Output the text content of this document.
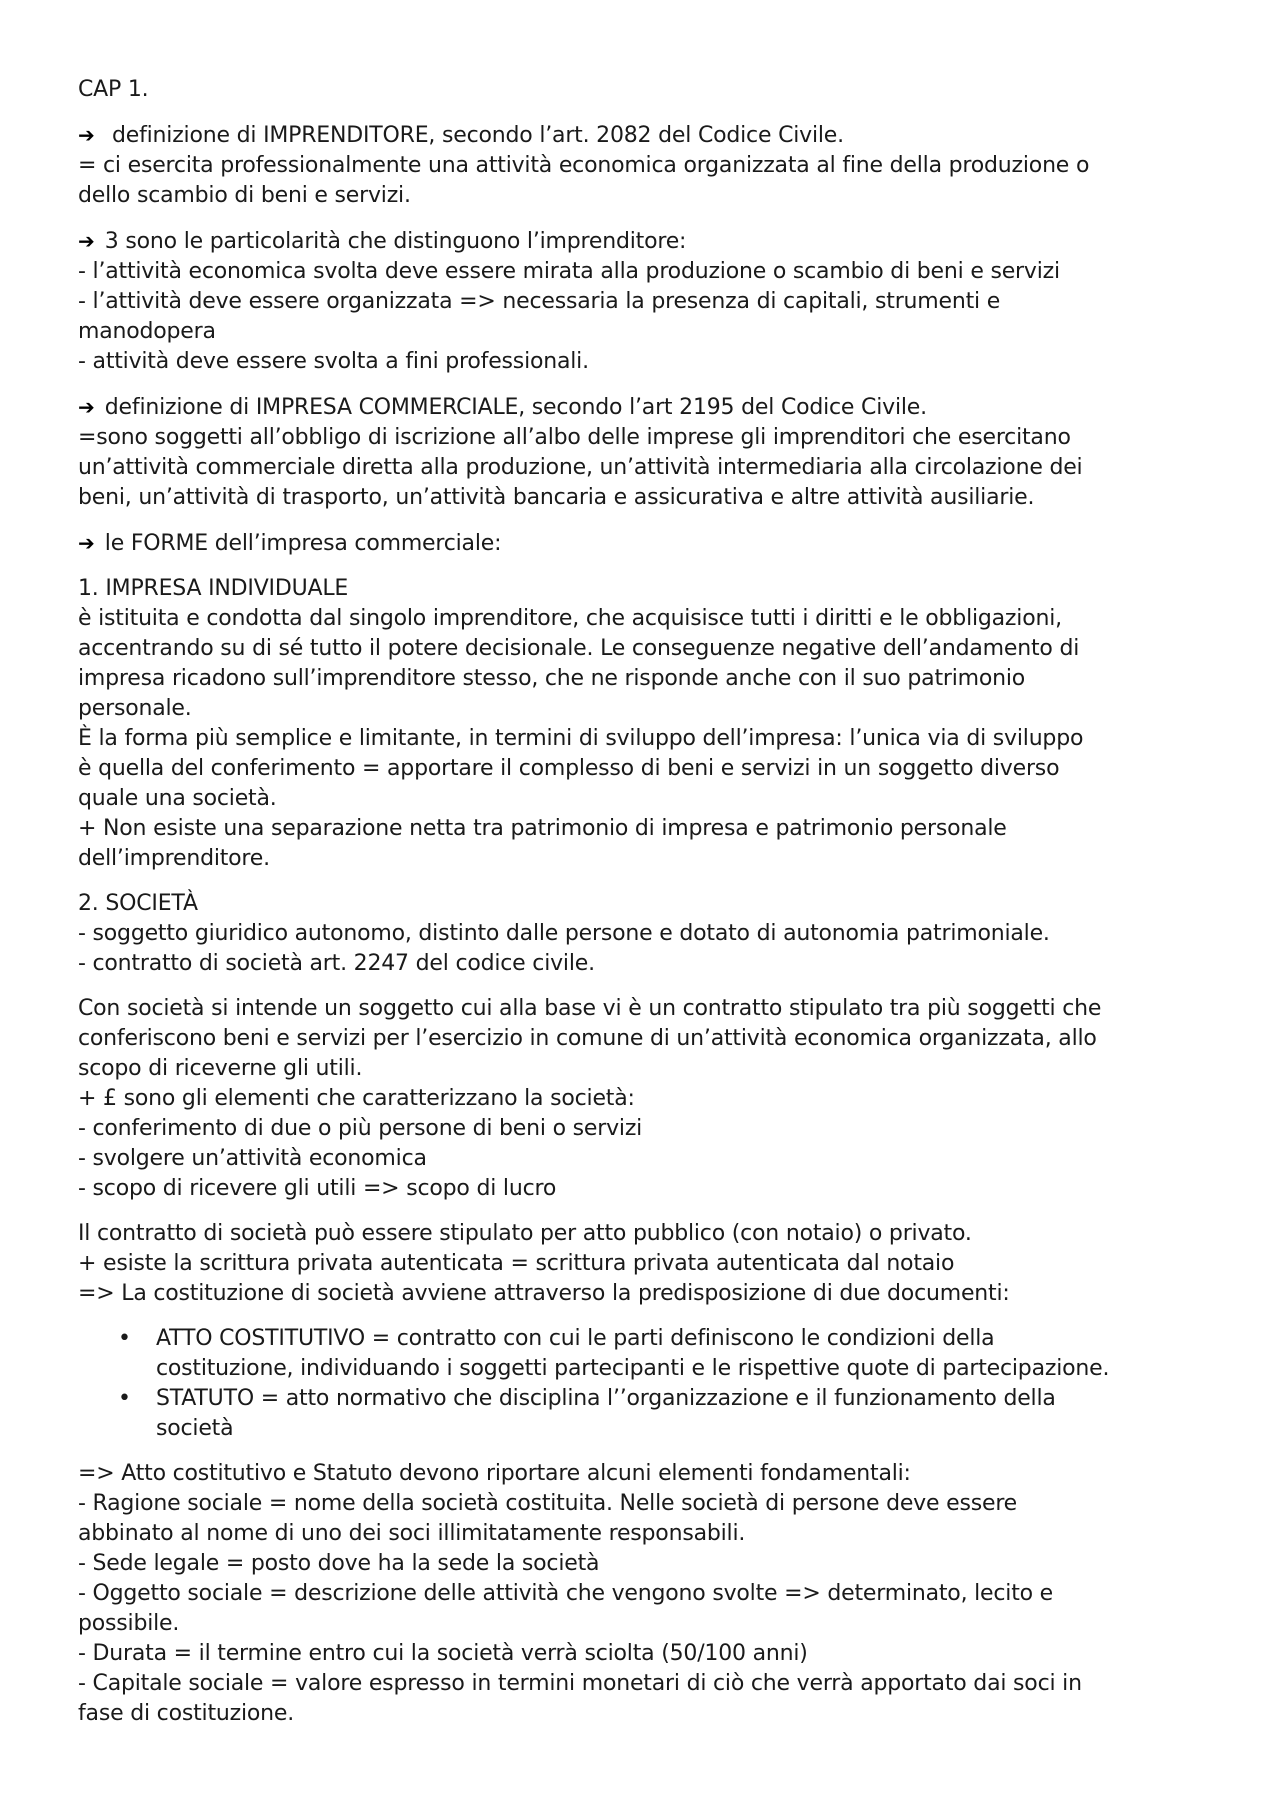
CAP 1.
➔ definizione di IMPRENDITORE, secondo l’art. 2082 del Codice Civile.
= ci esercita professionalmente una attività economica organizzata al fine della produzione o
dello scambio di beni e servizi.
➔ 3 sono le particolarità che distinguono l’imprenditore:
- l’attività economica svolta deve essere mirata alla produzione o scambio di beni e servizi
- l’attività deve essere organizzata => necessaria la presenza di capitali, strumenti e
manodopera
- attività deve essere svolta a fini professionali.
➔ definizione di IMPRESA COMMERCIALE, secondo l’art 2195 del Codice Civile.
=sono soggetti all’obbligo di iscrizione all’albo delle imprese gli imprenditori che esercitano
un’attività commerciale diretta alla produzione, un’attività intermediaria alla circolazione dei
beni, un’attività di trasporto, un’attività bancaria e assicurativa e altre attività ausiliarie.
➔ le FORME dell’impresa commerciale:
1. IMPRESA INDIVIDUALE
è istituita e condotta dal singolo imprenditore, che acquisisce tutti i diritti e le obbligazioni,
accentrando su di sé tutto il potere decisionale. Le conseguenze negative dell’andamento di
impresa ricadono sull’imprenditore stesso, che ne risponde anche con il suo patrimonio
personale.
È la forma più semplice e limitante, in termini di sviluppo dell’impresa: l’unica via di sviluppo
è quella del conferimento = apportare il complesso di beni e servizi in un soggetto diverso
quale una società.
+ Non esiste una separazione netta tra patrimonio di impresa e patrimonio personale
dell’imprenditore.
2. SOCIETÀ
- soggetto giuridico autonomo, distinto dalle persone e dotato di autonomia patrimoniale.
- contratto di società art. 2247 del codice civile.
Con società si intende un soggetto cui alla base vi è un contratto stipulato tra più soggetti che
conferiscono beni e servizi per l’esercizio in comune di un’attività economica organizzata, allo
scopo di riceverne gli utili.
+ £ sono gli elementi che caratterizzano la società:
- conferimento di due o più persone di beni o servizi
- svolgere un’attività economica
- scopo di ricevere gli utili => scopo di lucro
Il contratto di società può essere stipulato per atto pubblico (con notaio) o privato.
+ esiste la scrittura privata autenticata = scrittura privata autenticata dal notaio
=> La costituzione di società avviene attraverso la predisposizione di due documenti:
• ATTO COSTITUTIVO = contratto con cui le parti definiscono le condizioni della
costituzione, individuando i soggetti partecipanti e le rispettive quote di partecipazione.
• STATUTO = atto normativo che disciplina l’’organizzazione e il funzionamento della
società
=> Atto costitutivo e Statuto devono riportare alcuni elementi fondamentali:
- Ragione sociale = nome della società costituita. Nelle società di persone deve essere
abbinato al nome di uno dei soci illimitatamente responsabili.
- Sede legale = posto dove ha la sede la società
- Oggetto sociale = descrizione delle attività che vengono svolte => determinato, lecito e
possibile.
- Durata = il termine entro cui la società verrà sciolta (50/100 anni)
- Capitale sociale = valore espresso in termini monetari di ciò che verrà apportato dai soci in
fase di costituzione.
